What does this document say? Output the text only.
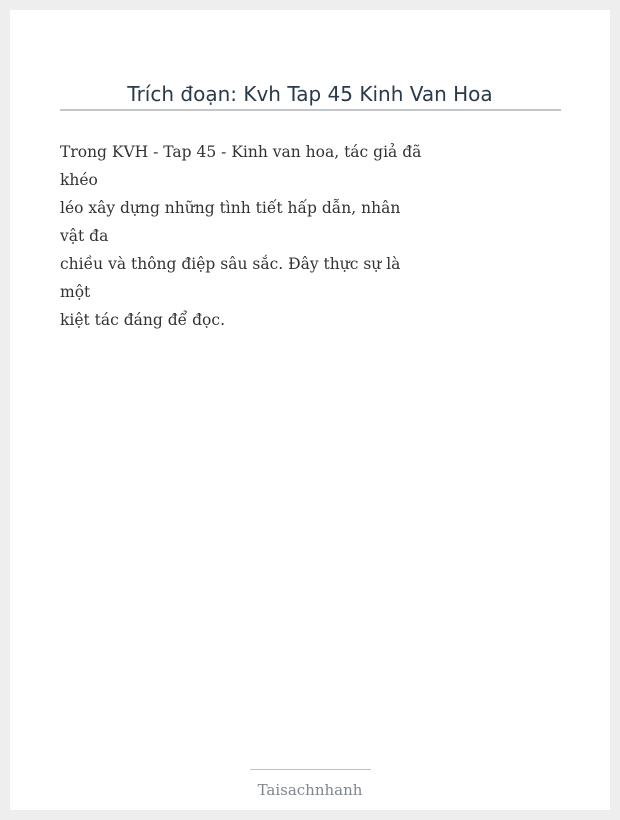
Trích đoạn: Kvh Tap 45 Kinh Van Hoa
Trong KVH - Tap 45 - Kinh van hoa, tác giả đã
khéo
léo xây dựng những tình tiết hấp dẫn, nhân
vật đa
chiều và thông điệp sâu sắc. Đây thực sự là
một
kiệt tác đáng để đọc.
Taisachnhanh
